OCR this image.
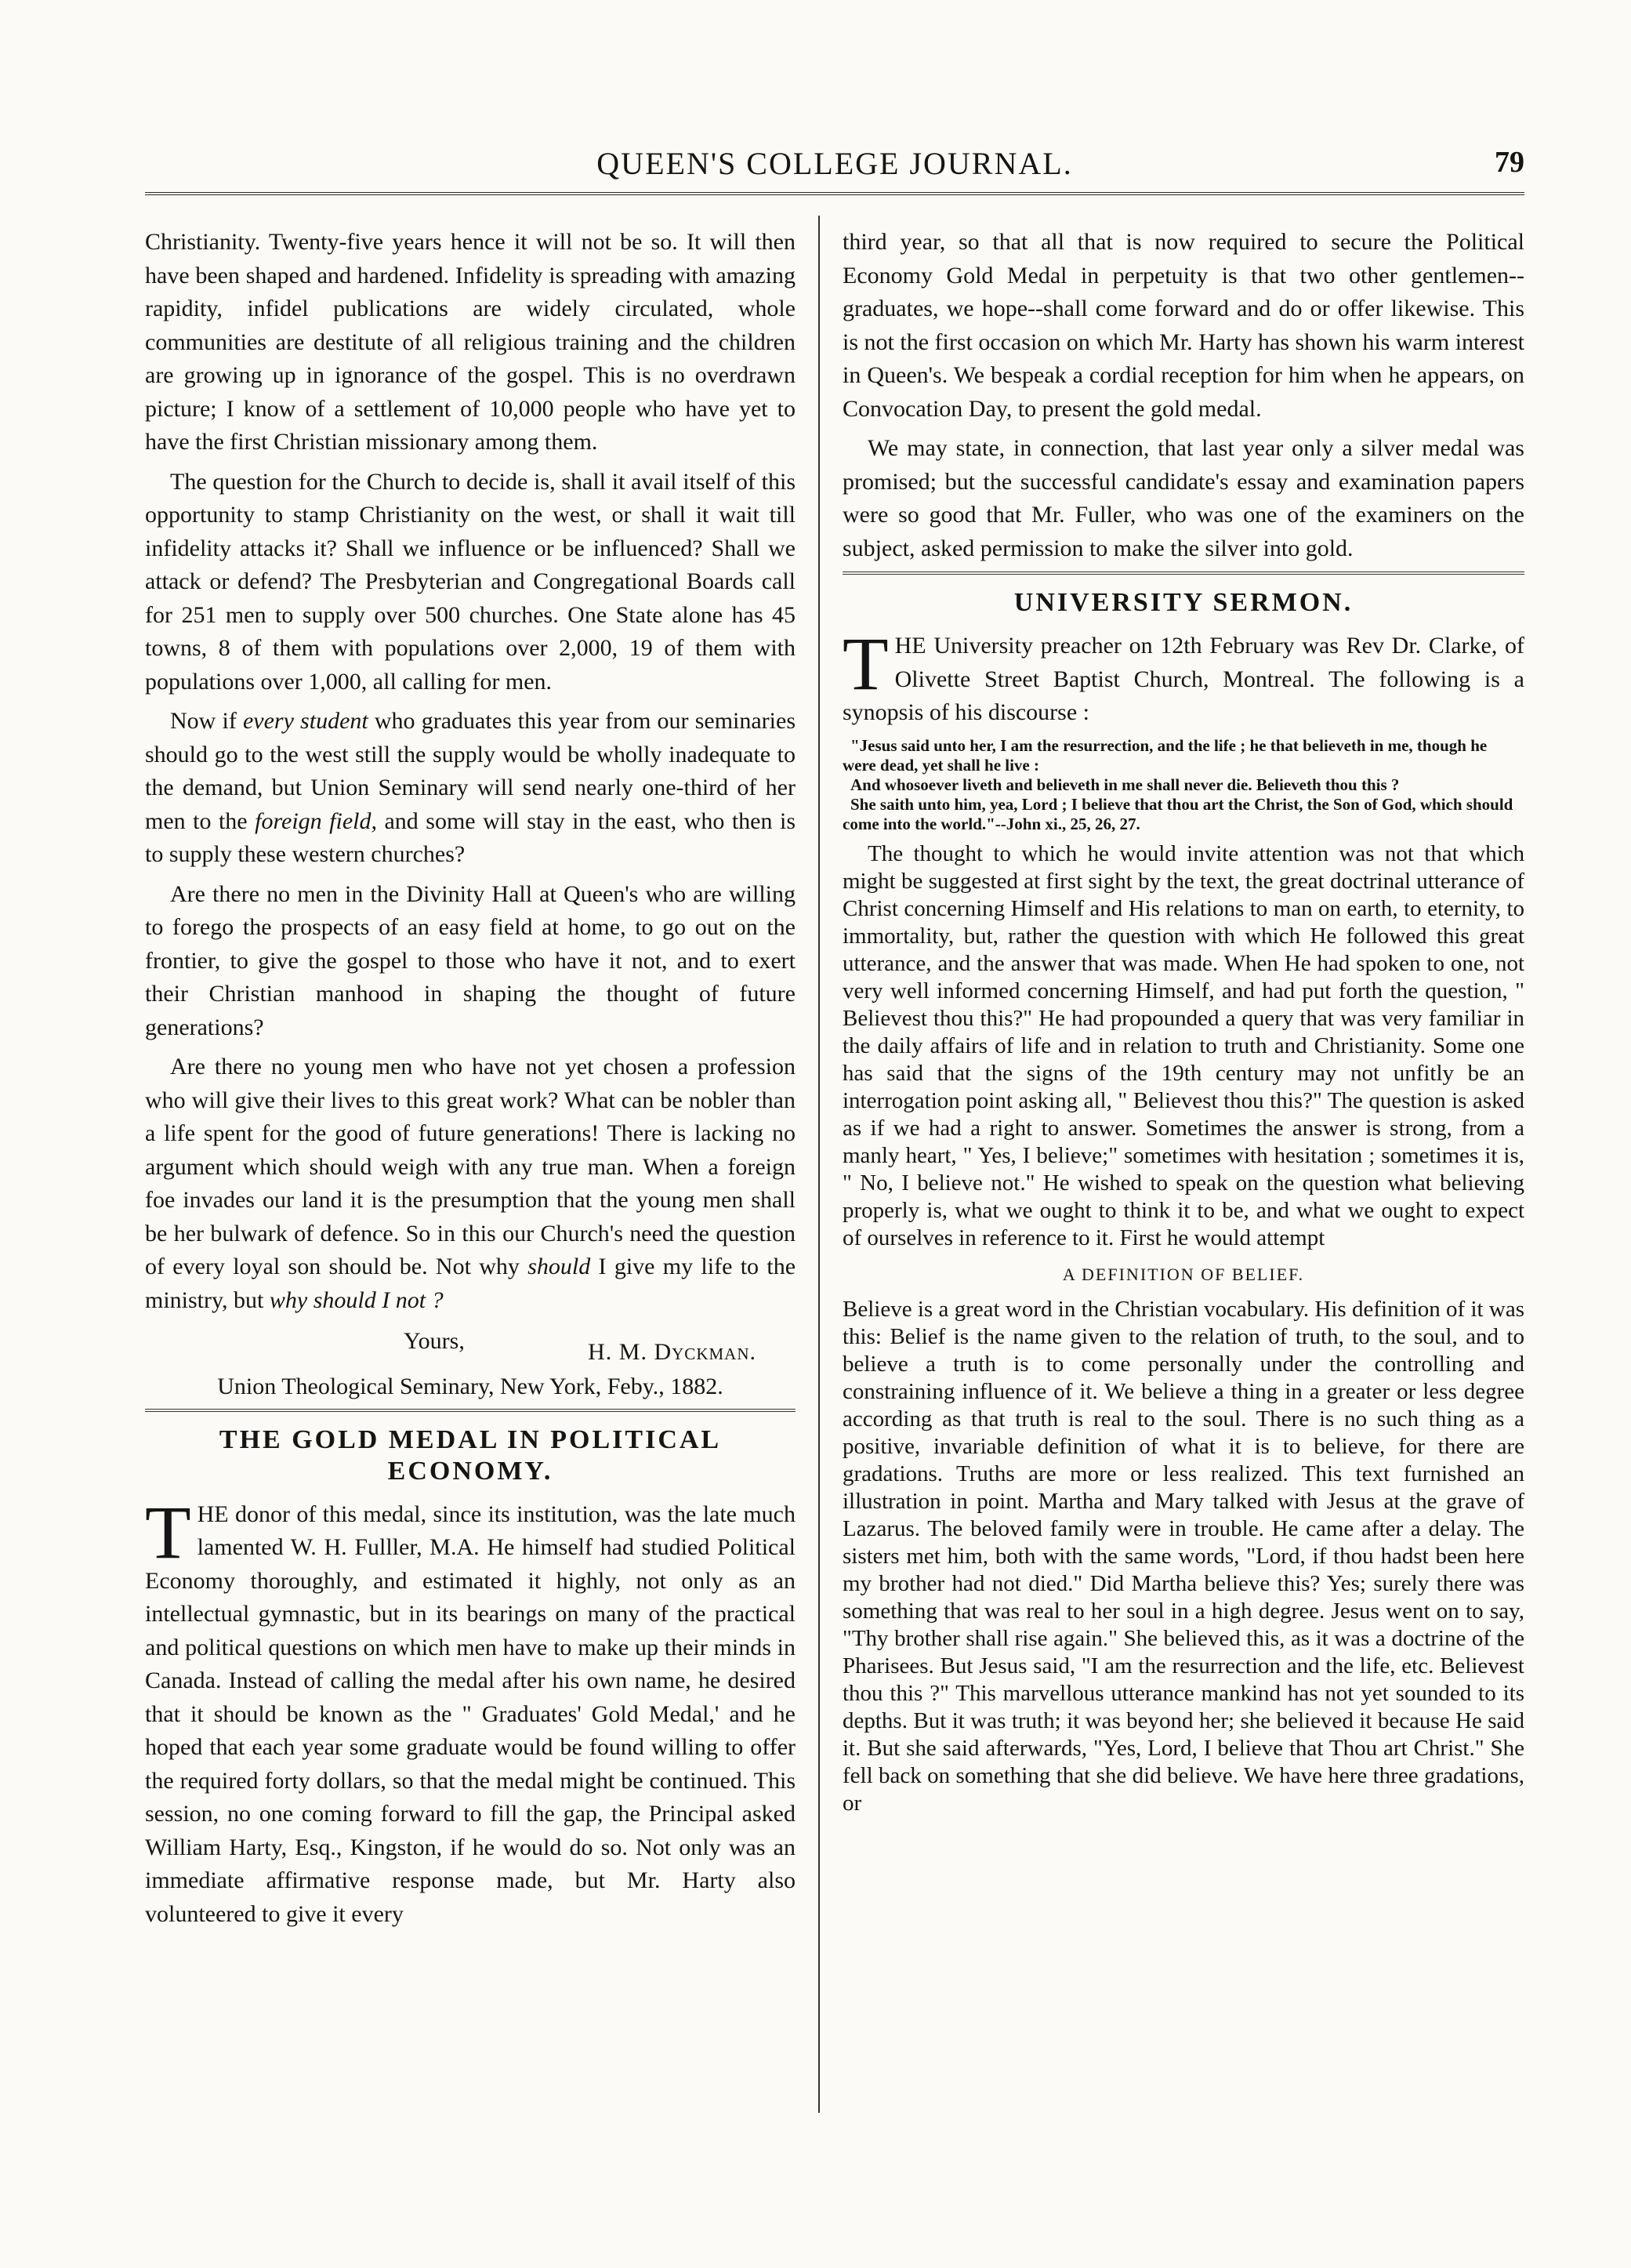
QUEEN'S COLLEGE JOURNAL.	79

Christianity. Twenty-five years hence it will not be so. It will then have been shaped and hardened. Infidelity is spreading with amazing rapidity, infidel publications are widely circulated, whole communities are destitute of all religious training and the children are growing up in ignorance of the gospel. This is no overdrawn picture; I know of a settlement of 10,000 people who have yet to have the first Christian missionary among them.

The question for the Church to decide is, shall it avail itself of this opportunity to stamp Christianity on the west, or shall it wait till infidelity attacks it? Shall we influence or be influenced? Shall we attack or defend? The Presbyterian and Congregational Boards call for 251 men to supply over 500 churches. One State alone has 45 towns, 8 of them with populations over 2,000, 19 of them with populations over 1,000, all calling for men.

Now if every student who graduates this year from our seminaries should go to the west still the supply would be wholly inadequate to the demand, but Union Seminary will send nearly one-third of her men to the foreign field, and some will stay in the east, who then is to supply these western churches?

Are there no men in the Divinity Hall at Queen's who are willing to forego the prospects of an easy field at home, to go out on the frontier, to give the gospel to those who have it not, and to exert their Christian manhood in shaping the thought of future generations?

Are there no young men who have not yet chosen a profession who will give their lives to this great work? What can be nobler than a life spent for the good of future generations! There is lacking no argument which should weigh with any true man. When a foreign foe invades our land it is the presumption that the young men shall be her bulwark of defence. So in this our Church's need the question of every loyal son should be. Not why should I give my life to the ministry, but why should I not ?

Yours,	H. M. Dyckman.
Union Theological Seminary, New York, Feby., 1882.
THE GOLD MEDAL IN POLITICAL ECONOMY.

THE donor of this medal, since its institution, was the late much lamented W. H. Fulller, M.A. He himself had studied Political Economy thoroughly, and estimated it highly, not only as an intellectual gymnastic, but in its bearings on many of the practical and political questions on which men have to make up their minds in Canada. Instead of calling the medal after his own name, he desired that it should be known as the " Graduates' Gold Medal,' and he hoped that each year some graduate would be found willing to offer the required forty dollars, so that the medal might be continued. This session, no one coming forward to fill the gap, the Principal asked William Harty, Esq., Kingston, if he would do so. Not only was an immediate affirmative response made, but Mr. Harty also volunteered to give it every

third year, so that all that is now required to secure the Political Economy Gold Medal in perpetuity is that two other gentlemen--graduates, we hope--shall come forward and do or offer likewise. This is not the first occasion on which Mr. Harty has shown his warm interest in Queen's. We bespeak a cordial reception for him when he appears, on Convocation Day, to present the gold medal.

We may state, in connection, that last year only a silver medal was promised; but the successful candidate's essay and examination papers were so good that Mr. Fuller, who was one of the examiners on the subject, asked permission to make the silver into gold.

UNIVERSITY SERMON.

THE University preacher on 12th February was Rev Dr. Clarke, of Olivette Street Baptist Church, Montreal. The following is a synopsis of his discourse :

"Jesus said unto her, I am the resurrection, and the life ; he that believeth in me, though he were dead, yet shall he live :

And whosoever liveth and believeth in me shall never die. Believeth thou this ?

She saith unto him, yea, Lord ; I believe that thou art the Christ, the Son of God, which should come into the world."--John xi., 25, 26, 27.

The thought to which he would invite attention was not that which might be suggested at first sight by the text, the great doctrinal utterance of Christ concerning Himself and His relations to man on earth, to eternity, to immortality, but, rather the question with which He followed this great utterance, and the answer that was made. When He had spoken to one, not very well informed concerning Himself, and had put forth the question, " Believest thou this?" He had propounded a query that was very familiar in the daily affairs of life and in relation to truth and Christianity. Some one has said that the signs of the 19th century may not unfitly be an interrogation point asking all, " Believest thou this?" The question is asked as if we had a right to answer. Sometimes the answer is strong, from a manly heart, " Yes, I believe;" sometimes with hesitation ; sometimes it is, " No, I believe not." He wished to speak on the question what believing properly is, what we ought to think it to be, and what we ought to expect of ourselves in reference to it. First he would attempt

A DEFINITION OF BELIEF.

Believe is a great word in the Christian vocabulary. His definition of it was this: Belief is the name given to the relation of truth, to the soul, and to believe a truth is to come personally under the controlling and constraining influence of it. We believe a thing in a greater or less degree according as that truth is real to the soul. There is no such thing as a positive, invariable definition of what it is to believe, for there are gradations. Truths are more or less realized. This text furnished an illustration in point. Martha and Mary talked with Jesus at the grave of Lazarus. The beloved family were in trouble. He came after a delay. The sisters met him, both with the same words, "Lord, if thou hadst been here my brother had not died." Did Martha believe this? Yes; surely there was something that was real to her soul in a high degree. Jesus went on to say, "Thy brother shall rise again." She believed this, as it was a doctrine of the Pharisees. But Jesus said, "I am the resurrection and the life, etc. Believest thou this ?" This marvellous utterance mankind has not yet sounded to its depths. But it was truth; it was beyond her; she believed it because He said it. But she said afterwards, "Yes, Lord, I believe that Thou art Christ." She fell back on something that she did believe. We have here three gradations, or
